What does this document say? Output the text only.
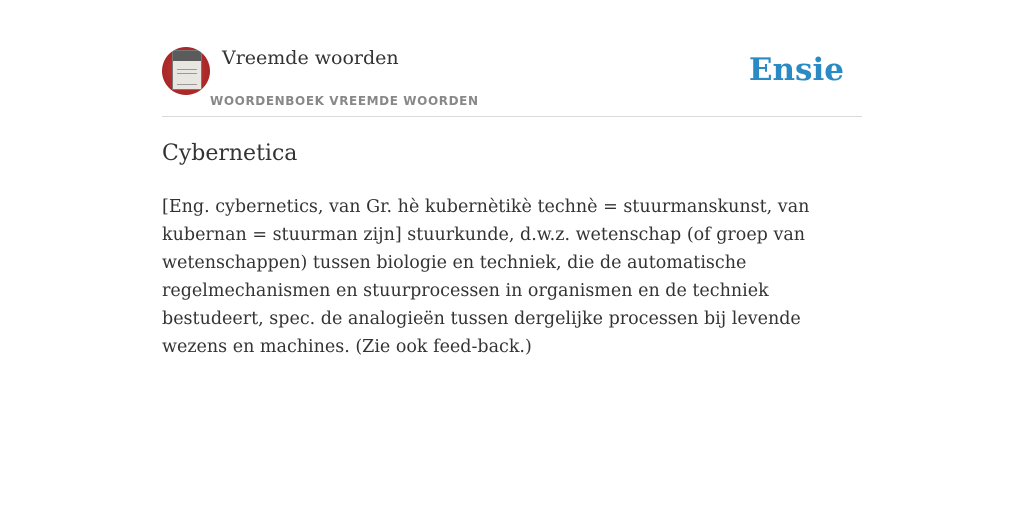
Vreemde woorden
WOORDENBOEK VREEMDE WOORDEN
Ensie
Cybernetica

[Eng. cybernetics, van Gr. hè kubernètikè technè = stuurmanskunst, van kubernan = stuurman zijn] stuurkunde, d.w.z. wetenschap (of groep van wetenschappen) tussen biologie en techniek, die de automatische regelmechanismen en stuurprocessen in organismen en de techniek bestudeert, spec. de analogieën tussen dergelijke processen bij levende wezens en machines. (Zie ook feed-back.)
